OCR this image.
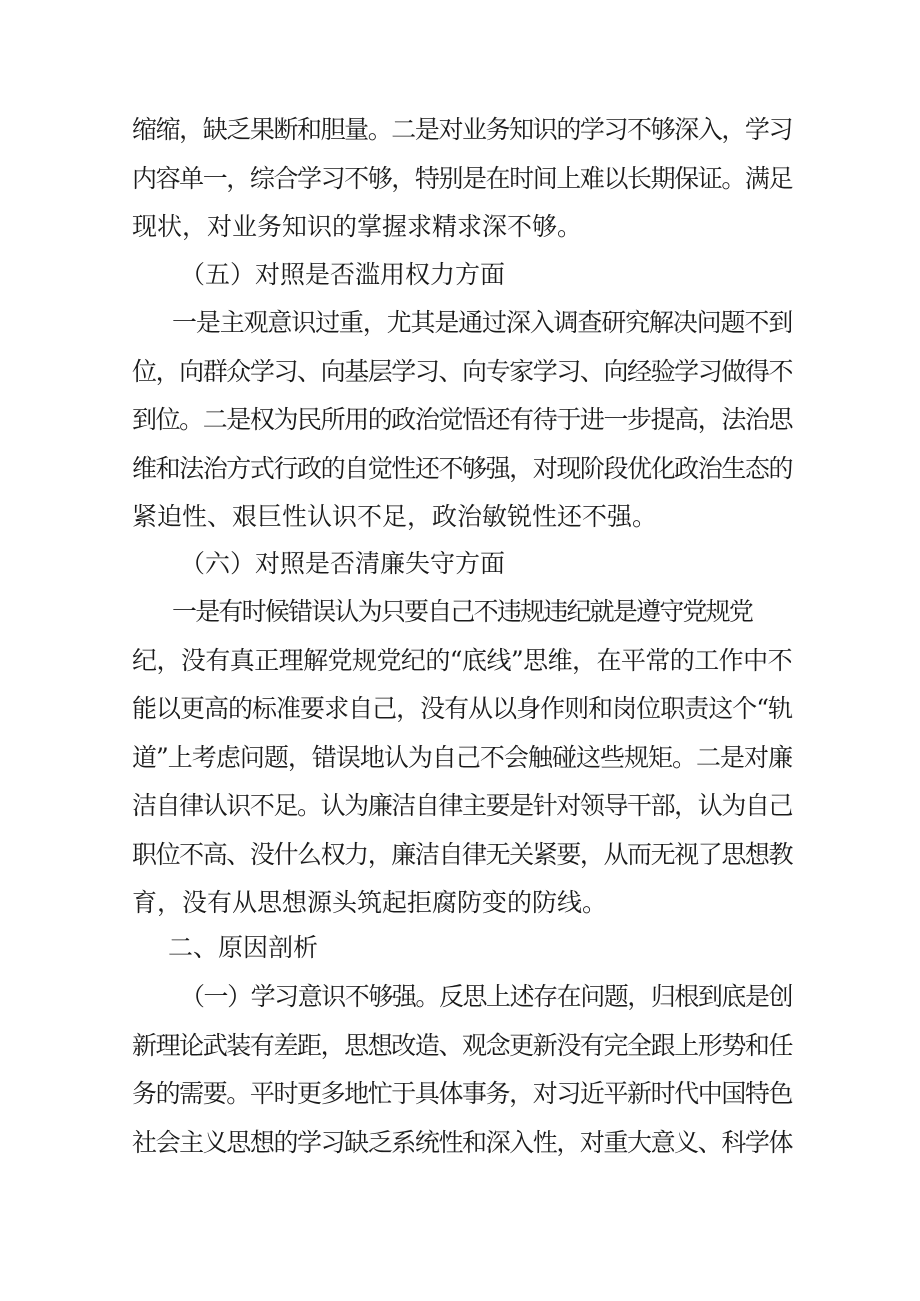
缩缩，缺乏果断和胆量。二是对业务知识的学习不够深入，学习
内容单一，综合学习不够，特别是在时间上难以长期保证。满足
现状，对业务知识的掌握求精求深不够。
（五）对照是否滥用权力方面
一是主观意识过重，尤其是通过深入调查研究解决问题不到
位，向群众学习、向基层学习、向专家学习、向经验学习做得不
到位。二是权为民所用的政治觉悟还有待于进一步提高，法治思
维和法治方式行政的自觉性还不够强，对现阶段优化政治生态的
紧迫性、艰巨性认识不足，政治敏锐性还不强。
（六）对照是否清廉失守方面
一是有时候错误认为只要自己不违规违纪就是遵守党规党
纪，没有真正理解党规党纪的“底线”思维，在平常的工作中不
能以更高的标准要求自己，没有从以身作则和岗位职责这个“轨
道”上考虑问题，错误地认为自己不会触碰这些规矩。二是对廉
洁自律认识不足。认为廉洁自律主要是针对领导干部，认为自己
职位不高、没什么权力，廉洁自律无关紧要，从而无视了思想教
育，没有从思想源头筑起拒腐防变的防线。
二、原因剖析
（一）学习意识不够强。反思上述存在问题，归根到底是创
新理论武装有差距，思想改造、观念更新没有完全跟上形势和任
务的需要。平时更多地忙于具体事务，对习近平新时代中国特色
社会主义思想的学习缺乏系统性和深入性，对重大意义、科学体
